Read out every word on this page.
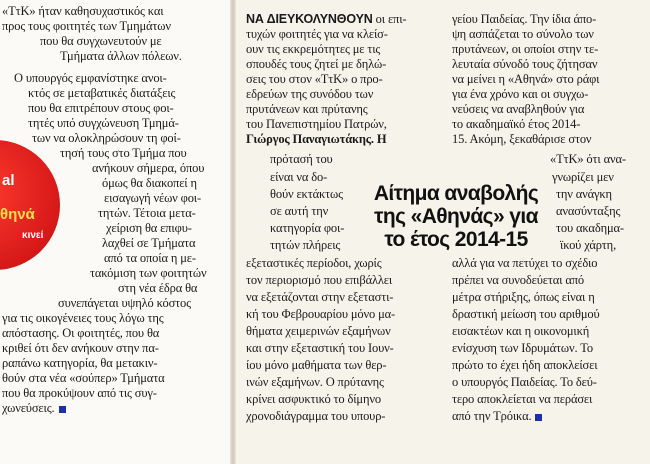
al
θηνά
κινεί
«ΤτΚ» ήταν καθησυχαστικός και
προς τους φοιτητές των Τμημάτων
που θα συγχωνευτούν με
Τμήματα άλλων πόλεων.
Ο υπουργός εμφανίστηκε ανοι-
κτός σε μεταβατικές διατάξεις
που θα επιτρέπουν στους φοι-
τητές υπό συγχώνευση Τμημά-
των να ολοκληρώσουν τη φοί-
τησή τους στο Τμήμα που
ανήκουν σήμερα, όπου
όμως θα διακοπεί η
εισαγωγή νέων φοι-
τητών. Τέτοια μετα-
χείριση θα επιφυ-
λαχθεί σε Τμήματα
από τα οποία η με-
τακόμιση των φοιτητών
στη νέα έδρα θα
συνεπάγεται υψηλό κόστος
για τις οικογένειες τους λόγω της
απόστασης. Οι φοιτητές, που θα
κριθεί ότι δεν ανήκουν στην πα-
ραπάνω κατηγορία, θα μετακιν-
θούν στα νέα «σούπερ» Τμήματα
που θα προκύψουν από τις συγ-
χωνεύσεις.
ΝΑ ΔΙΕΥΚΟΛΥΝΘΟΥΝ οι επι-
τυχών φοιτητές για να κλείσ-
ουν τις εκκρεμότητες με τις
σπουδές τους ζητεί με δηλώ-
σεις του στον «ΤτΚ» ο προ-
εδρεύων της συνόδου των
πρυτάνεων και πρύτανης
του Πανεπιστημίου Πατρών,
Γιώργος Παναγιωτάκης. Η
πρότασή του
είναι να δο-
θούν εκτάκτως
σε αυτή την
κατηγορία φοι-
τητών πλήρεις
εξεταστικές περίοδοι, χωρίς
τον περιορισμό που επιβάλλει
να εξετάζονται στην εξεταστι-
κή του Φεβρουαρίου μόνο μα-
θήματα χειμερινών εξαμήνων
και στην εξεταστική του Ιουν-
ίου μόνο μαθήματα των θερ-
ινών εξαμήνων. Ο πρύτανης
κρίνει ασφυκτικό το δίμηνο
χρονοδιάγραμμα του υπουρ-
Αίτημα αναβολής
της «Αθηνάς» για
το έτος 2014-15
γείου Παιδείας. Την ίδια άπο-
ψη ασπάζεται το σύνολο των
πρυτάνεων, οι οποίοι στην τε-
λευταία σύνοδό τους ζήτησαν
να μείνει η «Αθηνά» στο ράφι
για ένα χρόνο και οι συγχω-
νεύσεις να αναβληθούν για
το ακαδημαϊκό έτος 2014-
15. Ακόμη, ξεκαθάρισε στον
«ΤτΚ» ότι ανα-
γνωρίζει μεν
την ανάγκη
ανασύνταξης
του ακαδημα-
ϊκού χάρτη,
αλλά για να πετύχει το σχέδιο
πρέπει να συνοδεύεται από
μέτρα στήριξης, όπως είναι η
δραστική μείωση του αριθμού
εισακτέων και η οικονομική
ενίσχυση των Ιδρυμάτων. Το
πρώτο το έχει ήδη αποκλείσει
ο υπουργός Παιδείας. Το δεύ-
τερο αποκλείεται να περάσει
από την Τρόικα.
